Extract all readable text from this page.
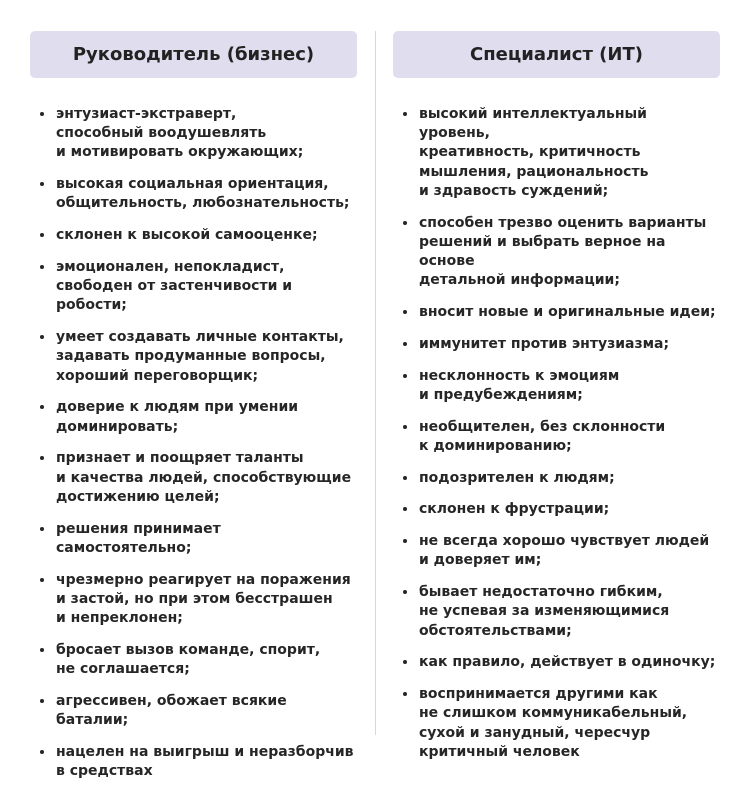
Руководитель (бизнес)
энтузиаст-экстраверт,
способный воодушевлять
и мотивировать окружающих;
высокая социальная ориентация,
общительность, любознательность;
склонен к высокой самооценке;
эмоционален, непокладист,
свободен от застенчивости и робости;
умеет создавать личные контакты,
задавать продуманные вопросы,
хороший переговорщик;
доверие к людям при умении
доминировать;
признает и поощряет таланты
и качества людей, способствующие
достижению целей;
решения принимает самостоятельно;
чрезмерно реагирует на поражения
и застой, но при этом бесстрашен
и непреклонен;
бросает вызов команде, спорит,
не соглашается;
агрессивен, обожает всякие баталии;
нацелен на выигрыш и неразборчив
в средствах
Специалист (ИТ)
высокий интеллектуальный уровень,
креативность, критичность
мышления, рациональность
и здравость суждений;
способен трезво оценить варианты
решений и выбрать верное на основе
детальной информации;
вносит новые и оригинальные идеи;
иммунитет против энтузиазма;
несклонность к эмоциям
и предубеждениям;
необщителен, без склонности
к доминированию;
подозрителен к людям;
склонен к фрустрации;
не всегда хорошо чувствует людей
и доверяет им;
бывает недостаточно гибким,
не успевая за изменяющимися
обстоятельствами;
как правило, действует в одиночку;
воспринимается другими как
не слишком коммуникабельный,
сухой и занудный, чересчур
критичный человек
